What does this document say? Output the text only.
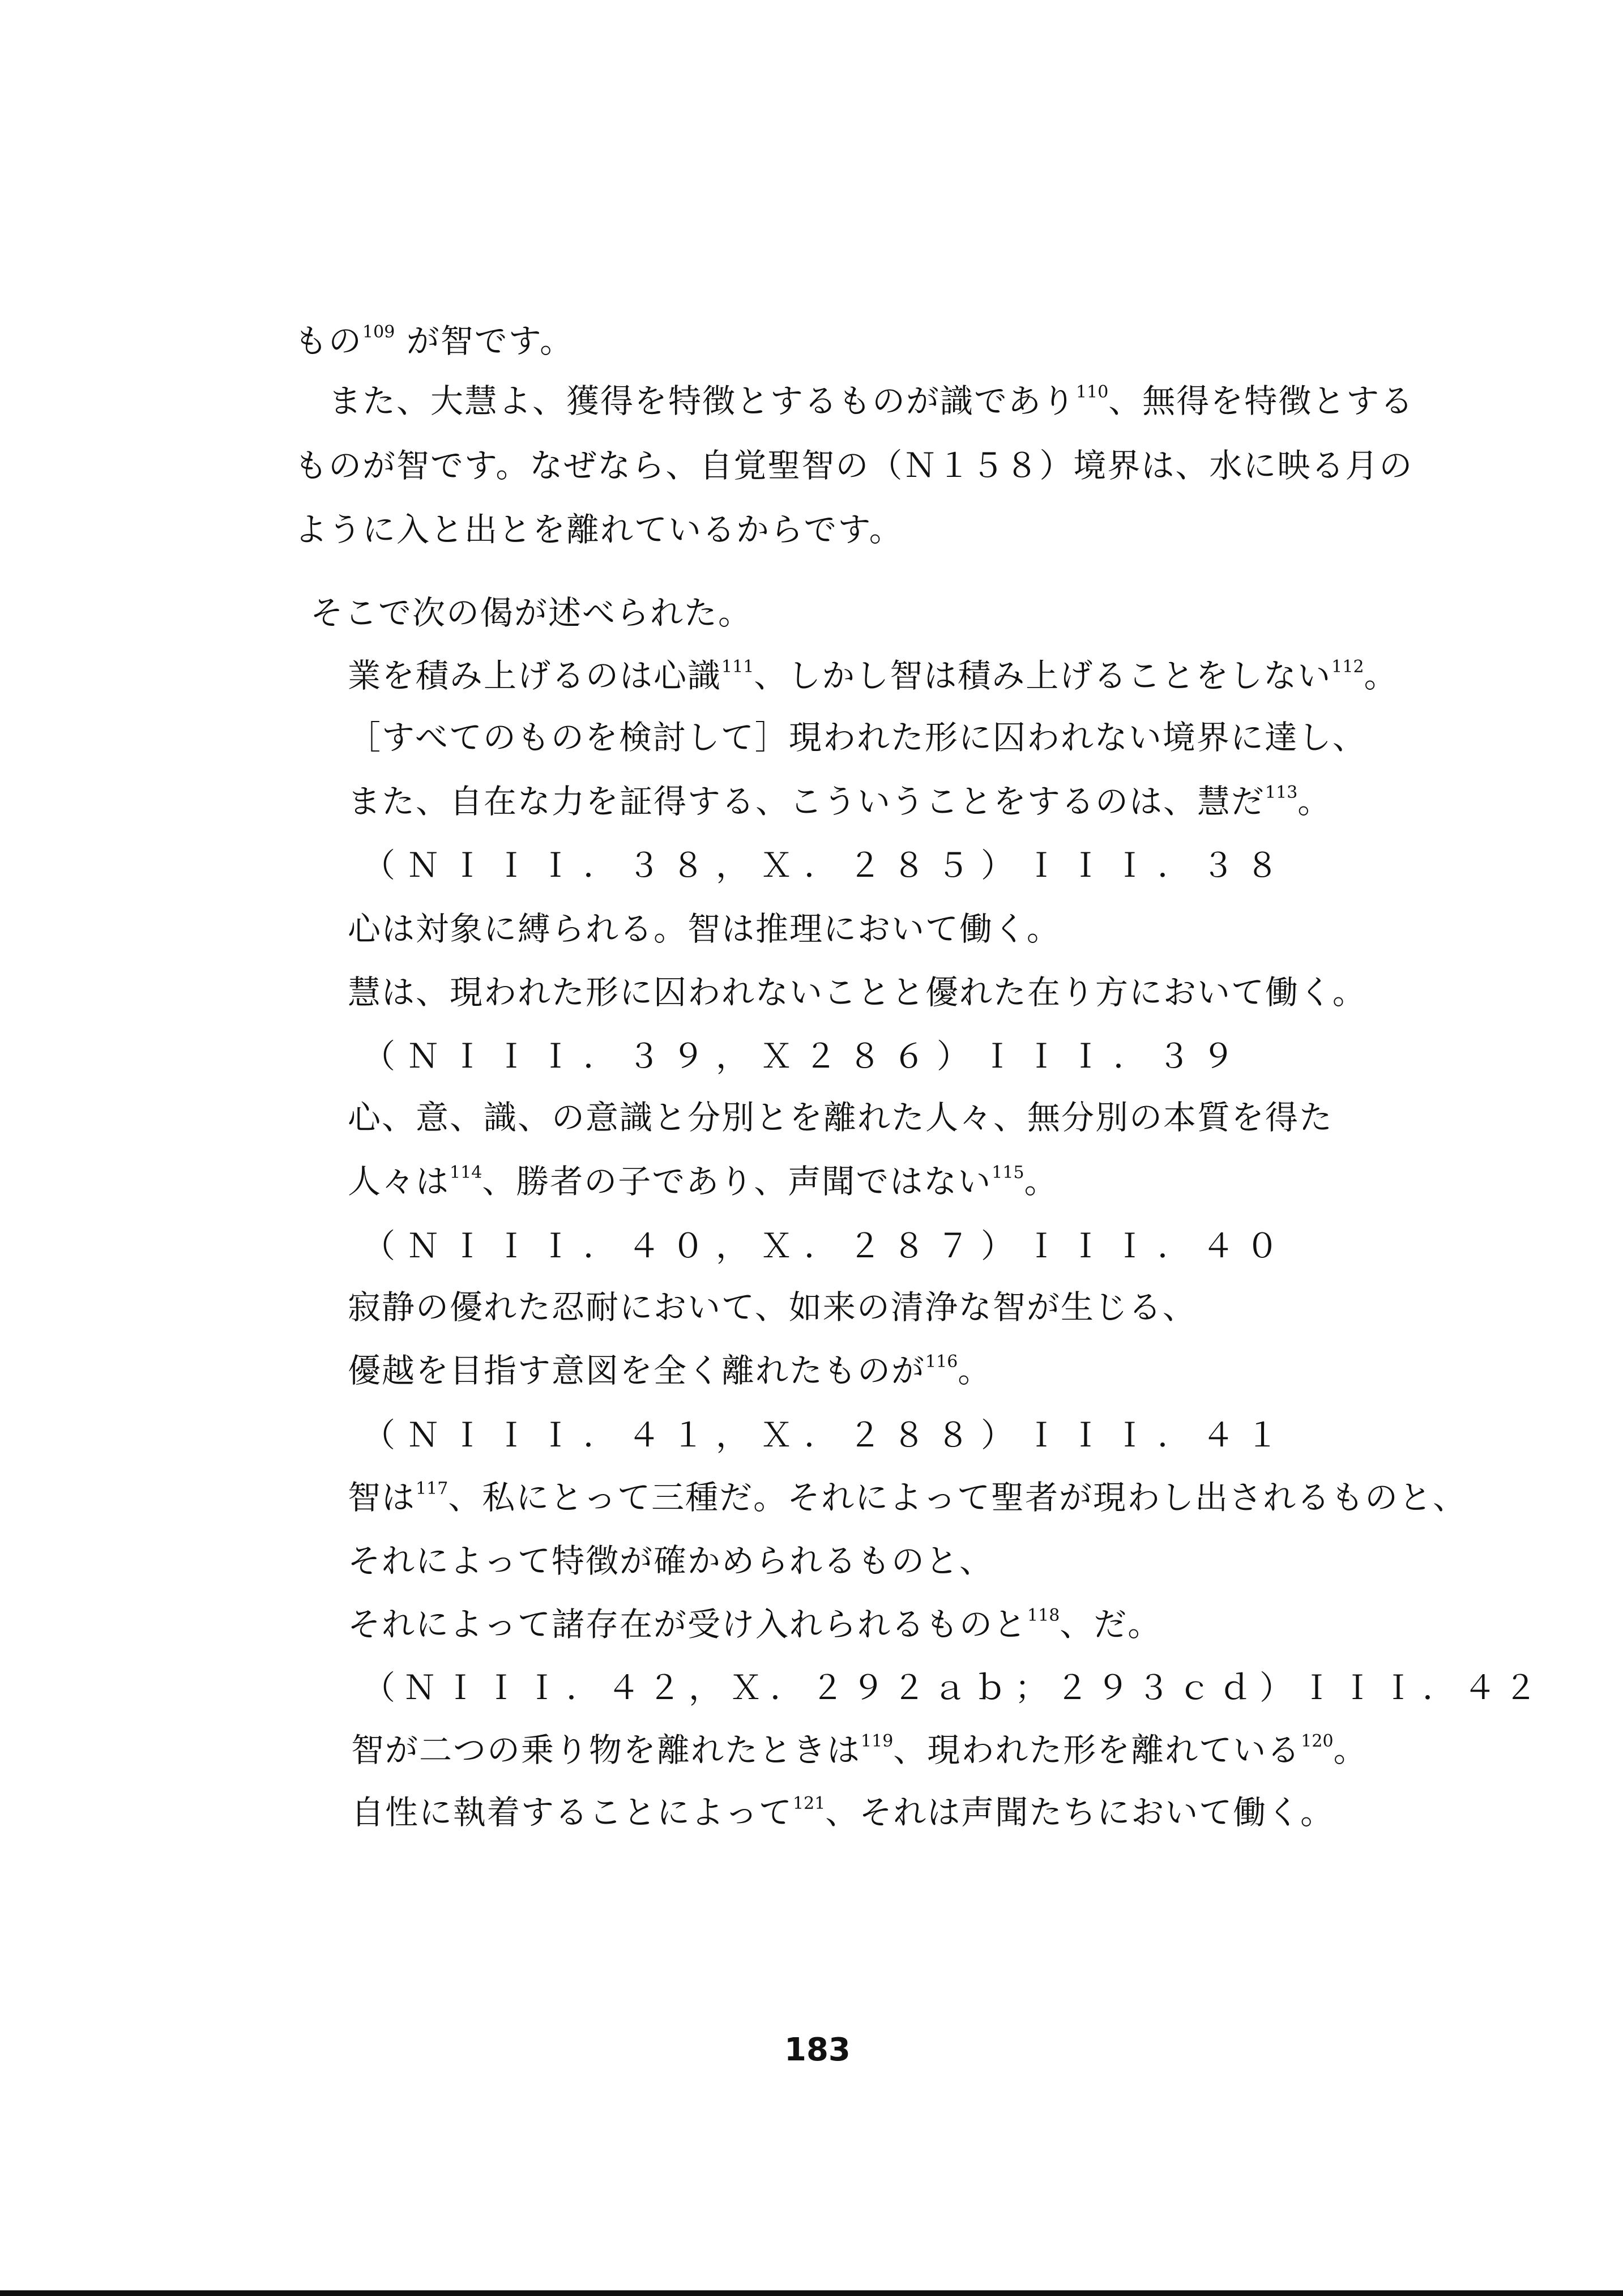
もの$^{109}$ が智です。
　また、大慧よ、獲得を特徴とするものが識であり$^{110}$、無得を特徴とする
ものが智です。なぜなら、自覚聖智の（Ｎ１５８）境界は、水に映る月の
ように入と出とを離れているからです。
そこで次の偈が述べられた。
業を積み上げるのは心識$^{111}$、しかし智は積み上げることをしない$^{112}$。
［すべてのものを検討して］現われた形に囚われない境界に達し、
また、自在な力を証得する、こういうことをするのは、慧だ$^{113}$。
（ＮＩＩＩ．３８，Ｘ．２８５）ＩＩＩ．３８
心は対象に縛られる。智は推理において働く。
慧は、現われた形に囚われないことと優れた在り方において働く。
（ＮＩＩＩ．３９，Ｘ２８６）ＩＩＩ．３９
心、意、識、の意識と分別とを離れた人々、無分別の本質を得た
人々は$^{114}$、勝者の子であり、声聞ではない$^{115}$。
（ＮＩＩＩ．４０，Ｘ．２８７）ＩＩＩ．４０
寂静の優れた忍耐において、如来の清浄な智が生じる、
優越を目指す意図を全く離れたものが$^{116}$。
（ＮＩＩＩ．４１，Ｘ．２８８）ＩＩＩ．４１
智は$^{117}$、私にとって三種だ。それによって聖者が現わし出されるものと、
それによって特徴が確かめられるものと、
それによって諸存在が受け入れられるものと$^{118}$、だ。
（ＮＩＩＩ．４２，Ｘ．２９２ａｂ；２９３ｃｄ）ＩＩＩ．４２
智が二つの乗り物を離れたときは$^{119}$、現われた形を離れている$^{120}$。
自性に執着することによって$^{121}$、それは声聞たちにおいて働く。
183
